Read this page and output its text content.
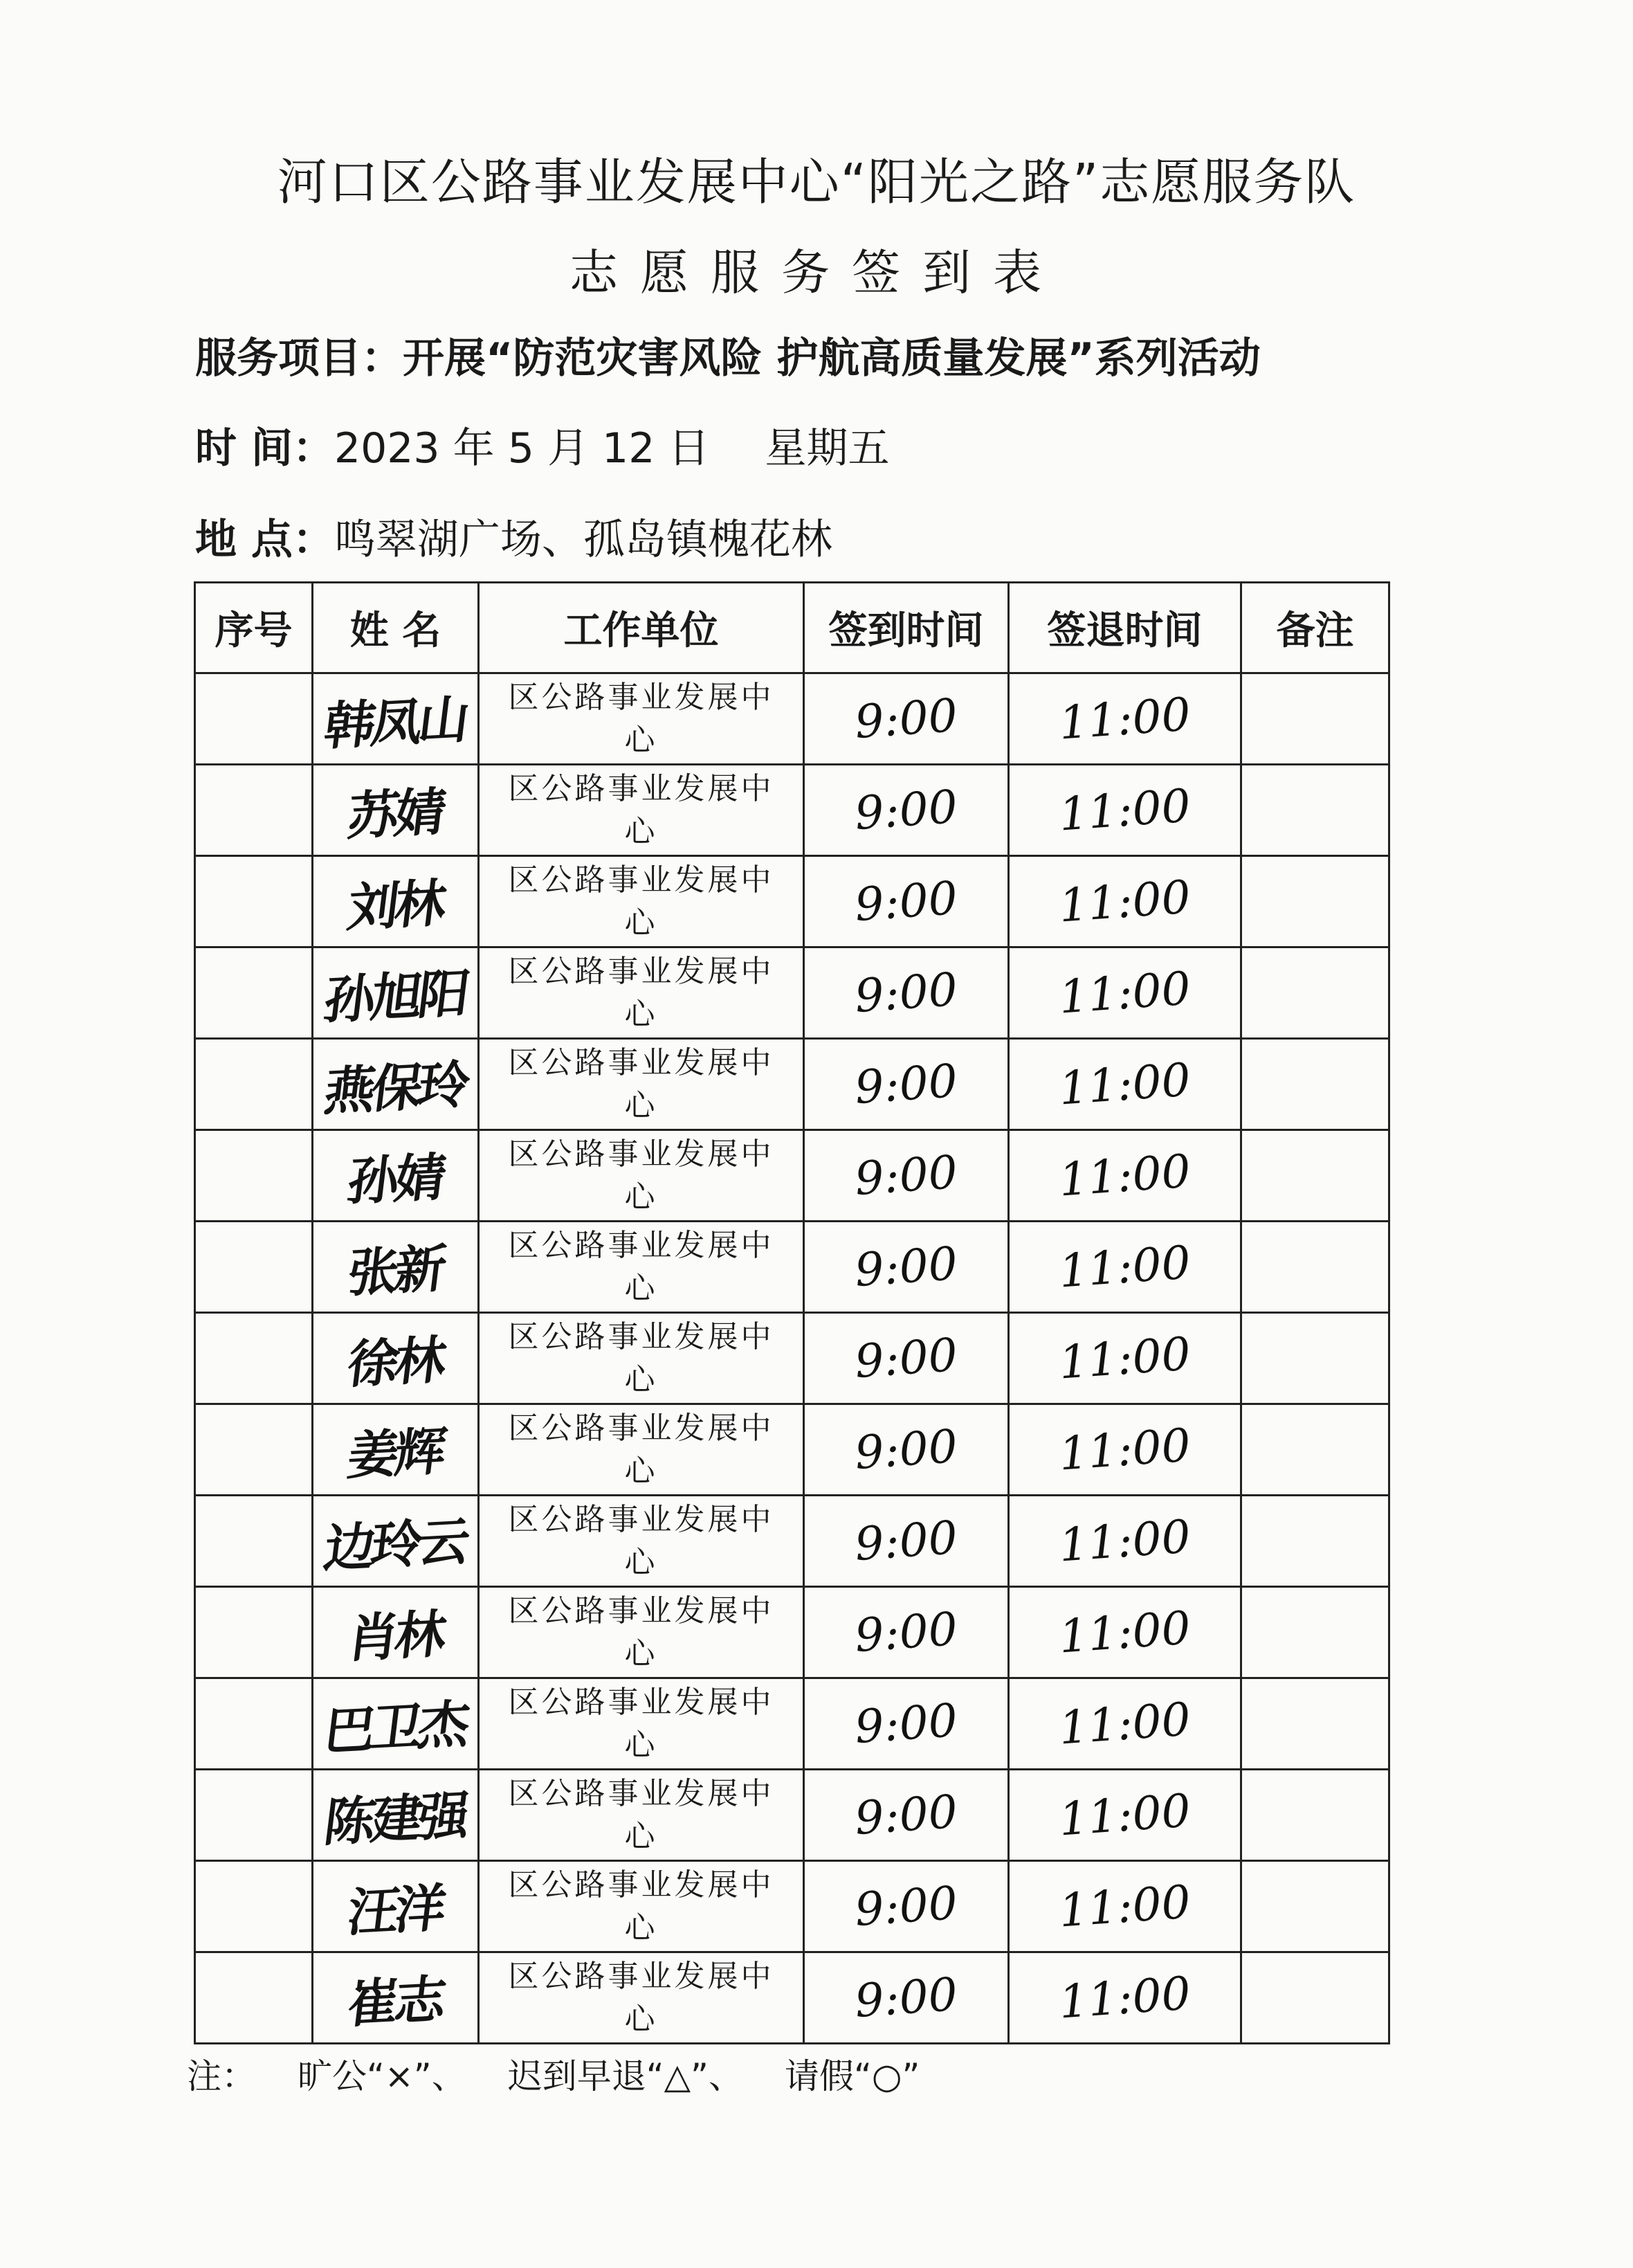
河口区公路事业发展中心“阳光之路”志愿服务队
志愿服务签到表
服务项目：开展“防范灾害风险 护航高质量发展”系列活动
时 间：2023 年 5 月 12 日 星期五
地 点：鸣翠湖广场、孤岛镇槐花林
序号	姓 名	工作单位	签到时间	签退时间	备注

	韩凤山	区公路事业发展中
心	9:00	11:00	

	苏婧	区公路事业发展中
心	9:00	11:00	

	刘林	区公路事业发展中
心	9:00	11:00	

	孙旭阳	区公路事业发展中
心	9:00	11:00	

	燕保玲	区公路事业发展中
心	9:00	11:00	

	孙婧	区公路事业发展中
心	9:00	11:00	

	张新	区公路事业发展中
心	9:00	11:00	

	徐林	区公路事业发展中
心	9:00	11:00	

	姜辉	区公路事业发展中
心	9:00	11:00	

	边玲云	区公路事业发展中
心	9:00	11:00	

	肖林	区公路事业发展中
心	9:00	11:00	

	巴卫杰	区公路事业发展中
心	9:00	11:00	

	陈建强	区公路事业发展中
心	9:00	11:00	

	汪洋	区公路事业发展中
心	9:00	11:00	

	崔志	区公路事业发展中
心	9:00	11:00	

注： 旷公“×”、 迟到早退“△”、 请假“○”
